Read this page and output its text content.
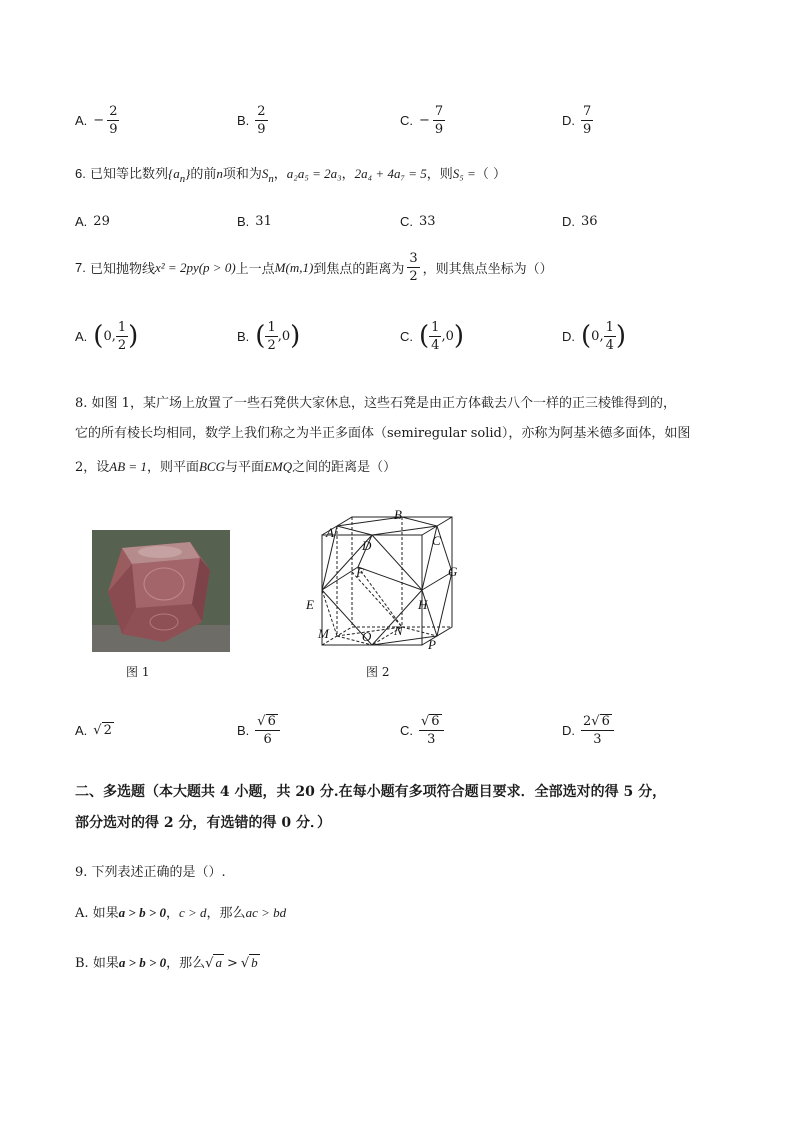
A. − $\frac{2}{9}$	B. $\frac{2}{9}$	C. − $\frac{7}{9}$	D. $\frac{7}{9}$
6. 已知等比数列$\{a_n\}$的前n项和为$S_n$，a₂a₅ = 2a₃，2a₄ + 4a₇ = 5，则S₅ =（ ）
A. 29	B. 31	C. 33	D. 36
7.
已知抛物线 x² = 2py (p > 0) 上一点 M(m,1) 到焦点的距离为 $\frac{3}{2}$ ，则其焦点坐标为（）
A. ( 0 , $\frac{1}{2}$ )	B. ( $\frac{1}{2}$ , 0 )	C. ( $\frac{1}{4}$ , 0 )	D. ( 0 , $\frac{1}{4}$ )
8. 如图 1，某广场上放置了一些石凳供大家休息，这些石凳是由正方体截去八个一样的正三棱锥得到的，
它的所有棱长均相同，数学上我们称之为半正多面体（semiregular solid），亦称为阿基米德多面体，如图
2，设AB = 1，则平面BCG与平面EMQ之间的距离是（）
图 1
A
B
C
D
E
F	G
H
M	N
O
P
图 2
A. √ 2	B. $\frac{√ 6}{6}$	C. $\frac{√ 6}{3}$	D. $\frac{2 √ 6}{3}$
二、多选题（本大题共 4 小题，共 20 分.在每小题有多项符合题目要求．全部选对的得 5 分，
部分选对的得 2 分，有选错的得 0 分．）
9. 下列表述正确的是（）.
A. 如果a > b > 0，c > d，那么ac > bd
B. 如果 a > b > 0 ，那么 √ a > √ b
